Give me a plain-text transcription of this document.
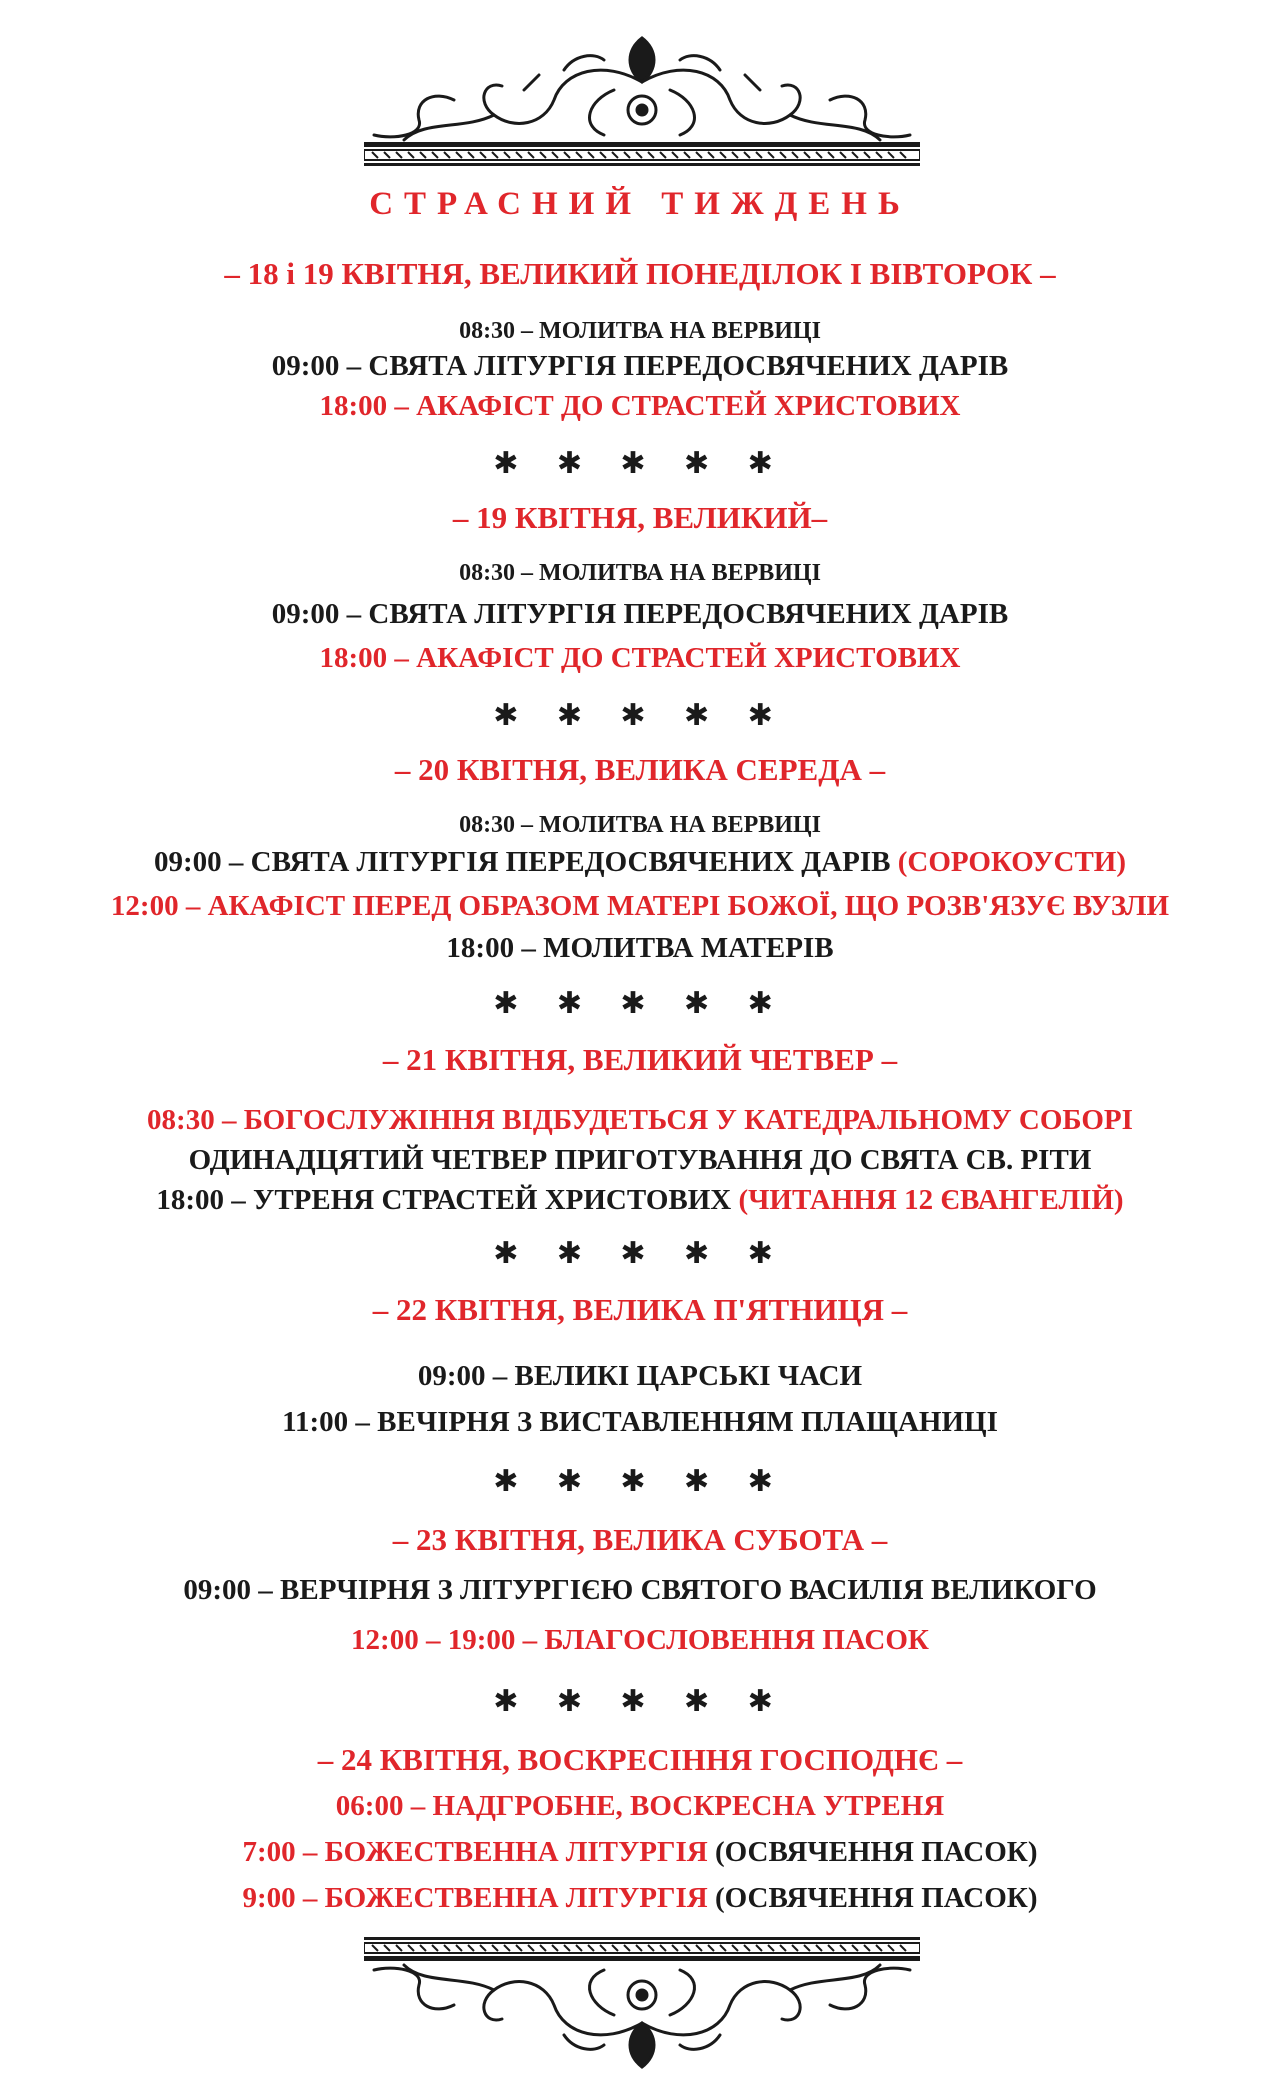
СТРАСНИЙ ТИЖДЕНЬ
– 18 і 19 КВІТНЯ, ВЕЛИКИЙ ПОНЕДІЛОК І ВІВТОРОК –
08:30 – МОЛИТВА НА ВЕРВИЦІ
09:00 – СВЯТА ЛІТУРГІЯ ПЕРЕДОСВЯЧЕНИХ ДАРІВ
18:00 – АКАФІСТ ДО СТРАСТЕЙ ХРИСТОВИХ
✱ ✱ ✱ ✱ ✱
– 19 КВІТНЯ, ВЕЛИКИЙ–
08:30 – МОЛИТВА НА ВЕРВИЦІ
09:00 – СВЯТА ЛІТУРГІЯ ПЕРЕДОСВЯЧЕНИХ ДАРІВ
18:00 – АКАФІСТ ДО СТРАСТЕЙ ХРИСТОВИХ
✱ ✱ ✱ ✱ ✱
– 20 КВІТНЯ, ВЕЛИКА СЕРЕДА –
08:30 – МОЛИТВА НА ВЕРВИЦІ
09:00 – СВЯТА ЛІТУРГІЯ ПЕРЕДОСВЯЧЕНИХ ДАРІВ (СОРОКОУСТИ)
12:00 – АКАФІСТ ПЕРЕД ОБРАЗОМ МАТЕРІ БОЖОЇ, ЩО РОЗВ'ЯЗУЄ ВУЗЛИ
18:00 – МОЛИТВА МАТЕРІВ
✱ ✱ ✱ ✱ ✱
– 21 КВІТНЯ, ВЕЛИКИЙ ЧЕТВЕР –
08:30 – БОГОСЛУЖІННЯ ВІДБУДЕТЬСЯ У КАТЕДРАЛЬНОМУ СОБОРІ
ОДИНАДЦЯТИЙ ЧЕТВЕР ПРИГОТУВАННЯ ДО СВЯТА СВ. РІТИ
18:00 – УТРЕНЯ СТРАСТЕЙ ХРИСТОВИХ (ЧИТАННЯ 12 ЄВАНГЕЛІЙ)
✱ ✱ ✱ ✱ ✱
– 22 КВІТНЯ, ВЕЛИКА П'ЯТНИЦЯ –
09:00 – ВЕЛИКІ ЦАРСЬКІ ЧАСИ
11:00 – ВЕЧІРНЯ З ВИСТАВЛЕННЯМ ПЛАЩАНИЦІ
✱ ✱ ✱ ✱ ✱
– 23 КВІТНЯ, ВЕЛИКА СУБОТА –
09:00 – ВЕРЧІРНЯ З ЛІТУРГІЄЮ СВЯТОГО ВАСИЛІЯ ВЕЛИКОГО
12:00 – 19:00 – БЛАГОСЛОВЕННЯ ПАСОК
✱ ✱ ✱ ✱ ✱
– 24 КВІТНЯ, ВОСКРЕСІННЯ ГОСПОДНЄ –
06:00 – НАДГРОБНЕ, ВОСКРЕСНА УТРЕНЯ
7:00 – БОЖЕСТВЕННА ЛІТУРГІЯ (ОСВЯЧЕННЯ ПАСОК)
9:00 – БОЖЕСТВЕННА ЛІТУРГІЯ (ОСВЯЧЕННЯ ПАСОК)
